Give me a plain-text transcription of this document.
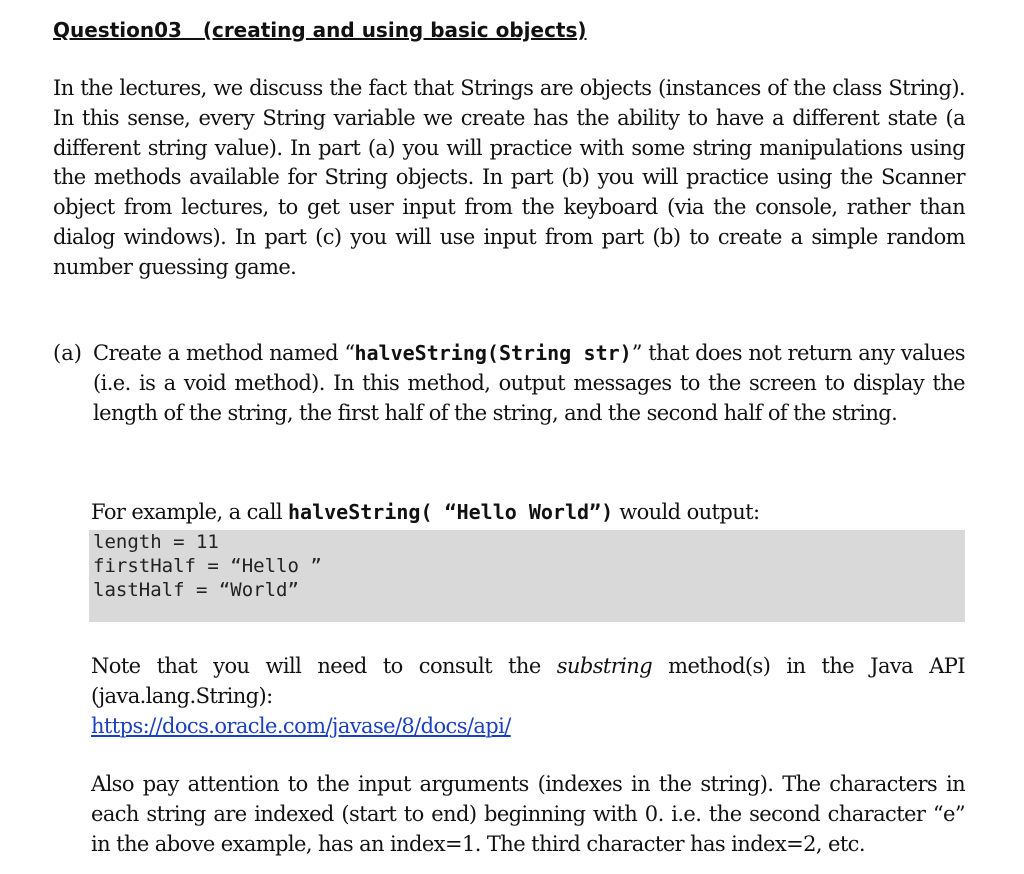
Question03   (creating and using basic objects)

In the lectures, we discuss the fact that Strings are objects (instances of the class String). In this sense, every String variable we create has the ability to have a different state (a different string value). In part (a) you will practice with some string manipulations using the methods available for String objects. In part (b) you will practice using the Scanner object from lectures, to get user input from the keyboard (via the console, rather than dialog windows). In part (c) you will use input from part (b) to create a simple random number guessing game.

(a) Create a method named “halveString(String str)” that does not return any values (i.e. is a void method). In this method, output messages to the screen to display the length of the string, the first half of the string, and the second half of the string.
For example, a call halveString( “Hello World”) would output:
length = 11
firstHalf = “Hello ”
lastHalf = “World”
Note that you will need to consult the substring method(s) in the Java API (java.lang.String):
https://docs.oracle.com/javase/8/docs/api/
Also pay attention to the input arguments (indexes in the string). The characters in each string are indexed (start to end) beginning with 0. i.e. the second character “e” in the above example, has an index=1. The third character has index=2, etc.
